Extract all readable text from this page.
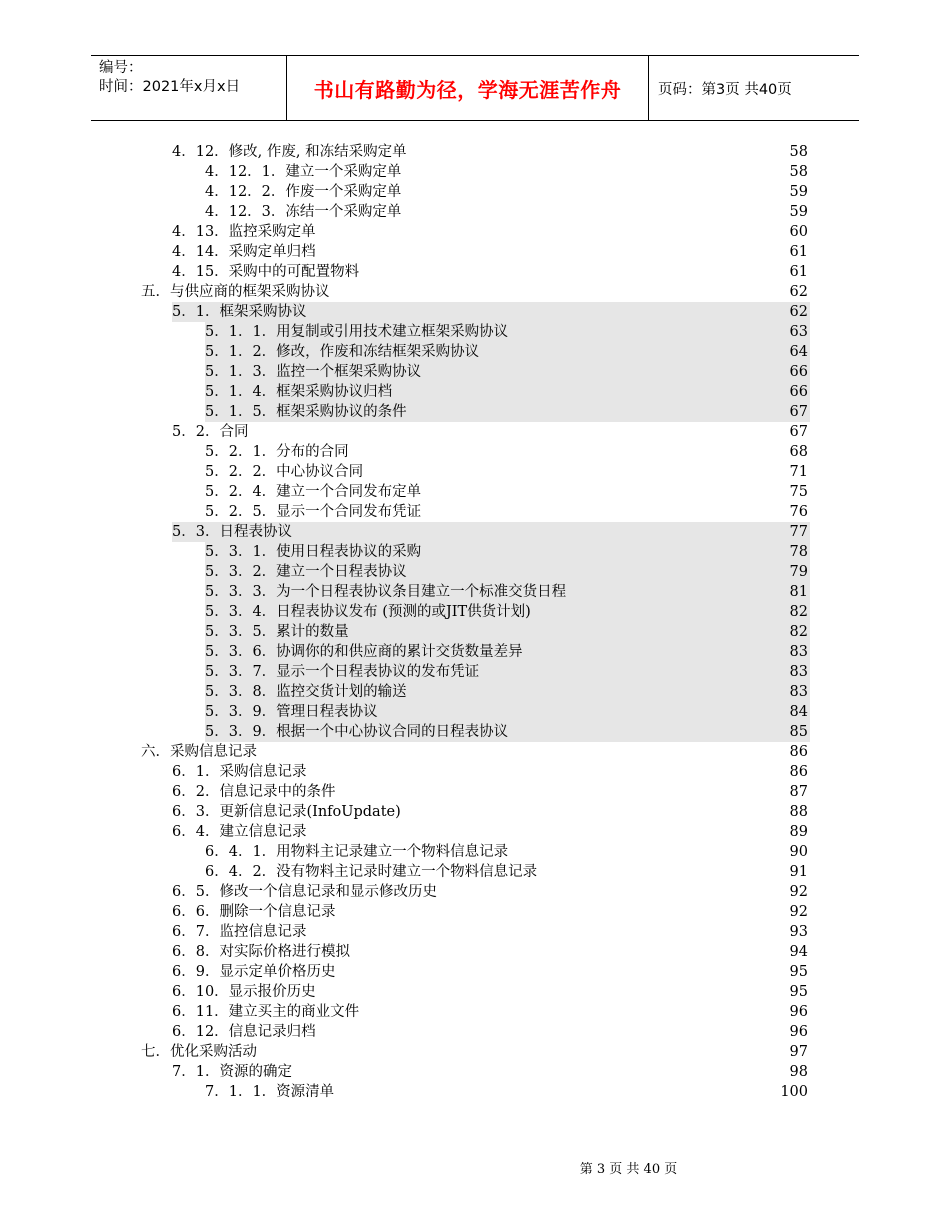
编号：
时间：2021年x月x日	书山有路勤为径，学海无涯苦作舟	页码：第3页 共40页
4．12．修改, 作废, 和冻结采购定单	58
4．12．1．建立一个采购定单	58
4．12．2．作废一个采购定单	59
4．12．3．冻结一个采购定单	59
4．13．监控采购定单	60
4．14．采购定单归档	61
4．15．采购中的可配置物料	61
五．与供应商的框架采购协议	62
5．1．框架采购协议	62
5．1．1．用复制或引用技术建立框架采购协议	63
5．1．2．修改，作废和冻结框架采购协议	64
5．1．3．监控一个框架采购协议	66
5．1．4．框架采购协议归档	66
5．1．5．框架采购协议的条件	67
5．2．合同	67
5．2．1．分布的合同	68
5．2．2．中心协议合同	71
5．2．4．建立一个合同发布定单	75
5．2．5．显示一个合同发布凭证	76
5．3．日程表协议	77
5．3．1．使用日程表协议的采购	78
5．3．2．建立一个日程表协议	79
5．3．3．为一个日程表协议条目建立一个标准交货日程	81
5．3．4．日程表协议发布 (预测的或JIT供货计划)	82
5．3．5．累计的数量	82
5．3．6．协调你的和供应商的累计交货数量差异	83
5．3．7．显示一个日程表协议的发布凭证	83
5．3．8．监控交货计划的输送	83
5．3．9．管理日程表协议	84
5．3．9．根据一个中心协议合同的日程表协议	85
六．采购信息记录	86
6．1．采购信息记录	86
6．2．信息记录中的条件	87
6．3．更新信息记录(InfoUpdate)	88
6．4．建立信息记录	89
6．4．1．用物料主记录建立一个物料信息记录	90
6．4．2．没有物料主记录时建立一个物料信息记录	91
6．5．修改一个信息记录和显示修改历史	92
6．6．删除一个信息记录	92
6．7．监控信息记录	93
6．8．对实际价格进行模拟	94
6．9．显示定单价格历史	95
6．10．显示报价历史	95
6．11．建立买主的商业文件	96
6．12．信息记录归档	96
七．优化采购活动	97
7．1．资源的确定	98
7．1．1．资源清单	100
第 3 页 共 40 页
